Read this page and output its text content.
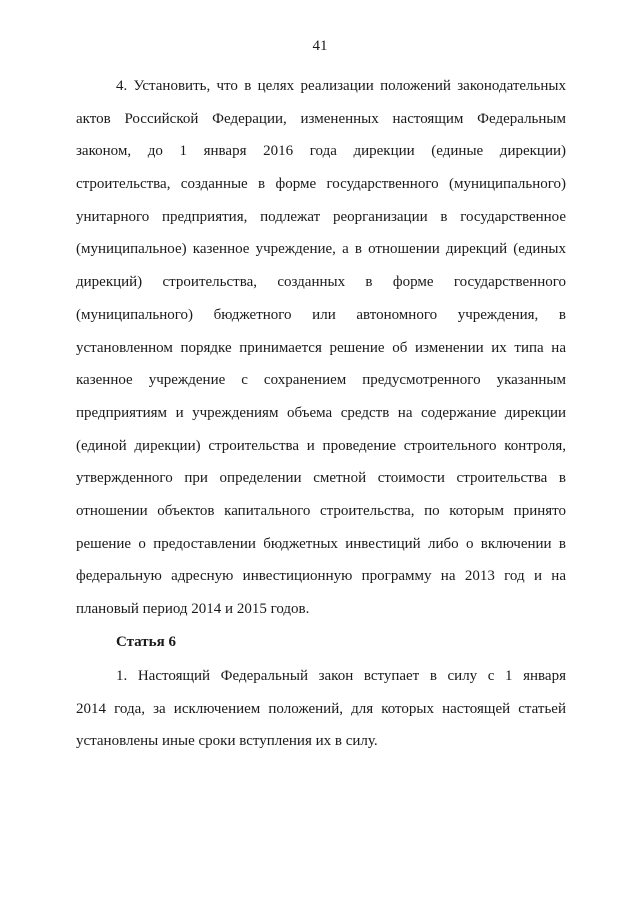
41
4. Установить, что в целях реализации положений законодательных
актов Российской Федерации, измененных настоящим Федеральным
законом, до 1 января 2016 года дирекции (единые дирекции)
строительства, созданные в форме государственного (муниципального)
унитарного предприятия, подлежат реорганизации в государственное
(муниципальное) казенное учреждение, а в отношении дирекций (единых
дирекций) строительства, созданных в форме государственного
(муниципального) бюджетного или автономного учреждения, в
установленном порядке принимается решение об изменении их типа на
казенное учреждение с сохранением предусмотренного указанным
предприятиям и учреждениям объема средств на содержание дирекции
(единой дирекции) строительства и проведение строительного контроля,
утвержденного при определении сметной стоимости строительства в
отношении объектов капитального строительства, по которым принято
решение о предоставлении бюджетных инвестиций либо о включении в
федеральную адресную инвестиционную программу на 2013 год и на
плановый период 2014 и 2015 годов.
Статья 6
1. Настоящий Федеральный закон вступает в силу с 1 января
2014 года, за исключением положений, для которых настоящей статьей
установлены иные сроки вступления их в силу.
